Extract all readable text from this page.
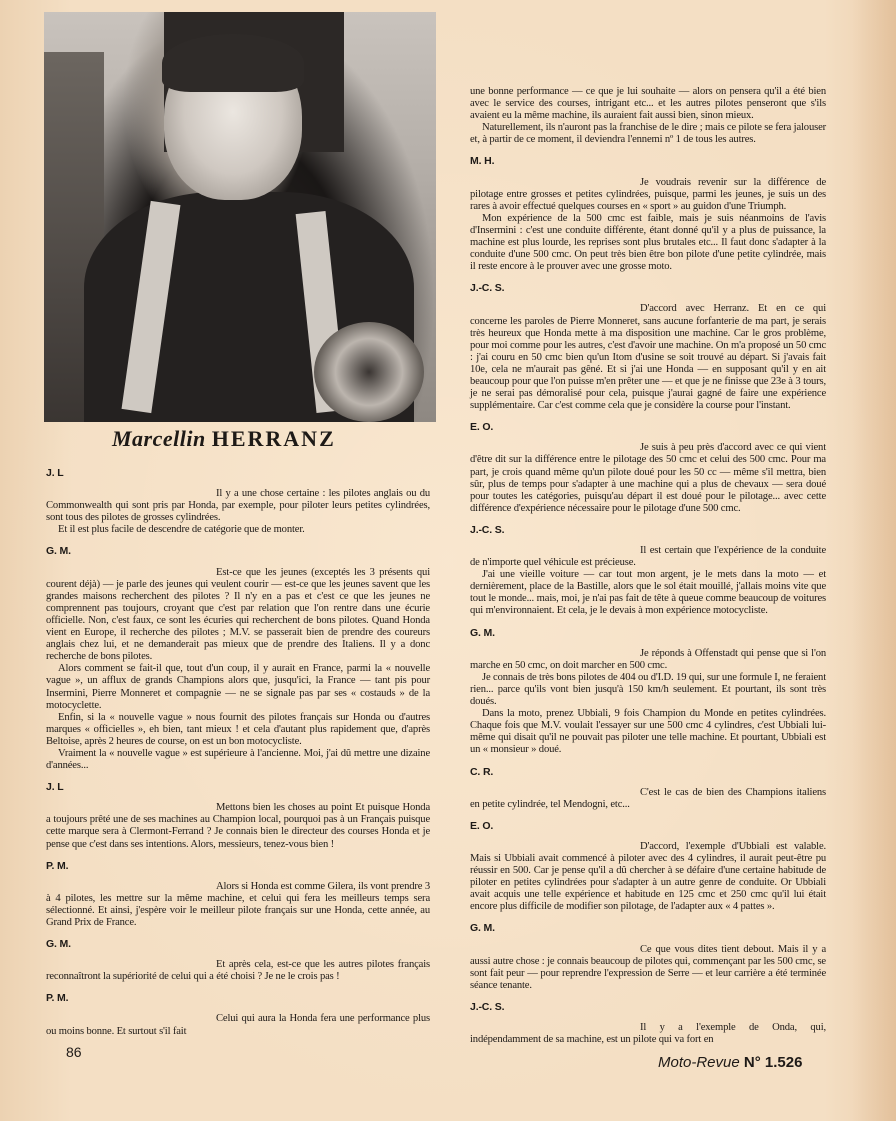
Marcellin HERRANZ
J. L

Il y a une chose certaine : les pilotes anglais ou du Commonwealth qui sont pris par Honda, par exemple, pour piloter leurs petites cylindrées, sont tous des pilotes de grosses cylindrées.

Et il est plus facile de descendre de catégorie que de monter.

G. M.

Est-ce que les jeunes (exceptés les 3 présents qui courent déjà) — je parle des jeunes qui veulent courir — est-ce que les jeunes savent que les grandes maisons recherchent des pilotes ? Il n'y en a pas et c'est ce que les jeunes ne comprennent pas toujours, croyant que c'est par relation que l'on rentre dans une écurie officielle. Non, c'est faux, ce sont les écuries qui recherchent de bons pilotes. Quand Honda vient en Europe, il recherche des pilotes ; M.V. se passerait bien de prendre des coureurs anglais chez lui, et ne demanderait pas mieux que de prendre des Italiens. Il y a donc recherche de bons pilotes.

Alors comment se fait-il que, tout d'un coup, il y aurait en France, parmi la « nouvelle vague », un afflux de grands Champions alors que, jusqu'ici, la France — tant pis pour Insermini, Pierre Monneret et compagnie — ne se signale pas par ses « costauds » de la motocyclette.

Enfin, si la « nouvelle vague » nous fournit des pilotes français sur Honda ou d'autres marques « officielles », eh bien, tant mieux ! et cela d'autant plus rapidement que, d'après Beltoise, après 2 heures de course, on est un bon motocycliste.

Vraiment la « nouvelle vague » est supérieure à l'ancienne. Moi, j'ai dû mettre une dizaine d'années...

J. L

Mettons bien les choses au point Et puisque Honda a toujours prêté une de ses machines au Champion local, pourquoi pas à un Français puisque cette marque sera à Clermont-Ferrand ? Je connais bien le directeur des courses Honda et je pense que c'est dans ses intentions. Alors, messieurs, tenez-vous bien !

P. M.

Alors si Honda est comme Gilera, ils vont prendre 3 à 4 pilotes, les mettre sur la même machine, et celui qui fera les meilleurs temps sera sélectionné. Et ainsi, j'espère voir le meilleur pilote français sur une Honda, cette année, au Grand Prix de France.

G. M.

Et après cela, est-ce que les autres pilotes français reconnaîtront la supériorité de celui qui a été choisi ? Je ne le crois pas !

P. M.

Celui qui aura la Honda fera une performance plus ou moins bonne. Et surtout s'il fait

une bonne performance — ce que je lui souhaite — alors on pensera qu'il a été bien avec le service des courses, intrigant etc... et les autres pilotes penseront que s'ils avaient eu la même machine, ils auraient fait aussi bien, sinon mieux.

Naturellement, ils n'auront pas la franchise de le dire ; mais ce pilote se fera jalouser et, à partir de ce moment, il deviendra l'ennemi nº 1 de tous les autres.

M. H.

Je voudrais revenir sur la différence de pilotage entre grosses et petites cylindrées, puisque, parmi les jeunes, je suis un des rares à avoir effectué quelques courses en « sport » au guidon d'une Triumph.

Mon expérience de la 500 cmc est faible, mais je suis néanmoins de l'avis d'Insermini : c'est une conduite différente, étant donné qu'il y a plus de puissance, la machine est plus lourde, les reprises sont plus brutales etc... Il faut donc s'adapter à la conduite d'une 500 cmc. On peut très bien être bon pilote d'une petite cylindrée, mais il reste encore à le prouver avec une grosse moto.

J.-C. S.

D'accord avec Herranz. Et en ce qui concerne les paroles de Pierre Monneret, sans aucune forfanterie de ma part, je serais très heureux que Honda mette à ma disposition une machine. Car le gros problème, pour moi comme pour les autres, c'est d'avoir une machine. On m'a proposé un 50 cmc : j'ai couru en 50 cmc bien qu'un Itom d'usine se soit trouvé au départ. Si j'avais fait 10e, cela ne m'aurait pas gêné. Et si j'ai une Honda — en supposant qu'il y en ait beaucoup pour que l'on puisse m'en prêter une — et que je ne finisse que 23e à 3 tours, je ne serai pas démoralisé pour cela, puisque j'aurai gagné de faire une expérience supplémentaire. Car c'est comme cela que je considère la course pour l'instant.

E. O.

Je suis à peu près d'accord avec ce qui vient d'être dit sur la différence entre le pilotage des 50 cmc et celui des 500 cmc. Pour ma part, je crois quand même qu'un pilote doué pour les 50 cc — même s'il mettra, bien sûr, plus de temps pour s'adapter à une machine qui a plus de chevaux — sera doué pour toutes les catégories, puisqu'au départ il est doué pour le pilotage... avec cette différence d'expérience nécessaire pour le pilotage d'une 500 cmc.

J.-C. S.

Il est certain que l'expérience de la conduite de n'importe quel véhicule est précieuse.

J'ai une vieille voiture — car tout mon argent, je le mets dans la moto — et dernièrement, place de la Bastille, alors que le sol était mouillé, j'allais moins vite que tout le monde... mais, moi, je n'ai pas fait de tête à queue comme beaucoup de voitures qui m'environnaient. Et cela, je le devais à mon expérience motocycliste.

G. M.

Je réponds à Offenstadt qui pense que si l'on marche en 50 cmc, on doit marcher en 500 cmc.

Je connais de très bons pilotes de 404 ou d'I.D. 19 qui, sur une formule I, ne feraient rien... parce qu'ils vont bien jusqu'à 150 km/h seulement. Et pourtant, ils sont très doués.

Dans la moto, prenez Ubbiali, 9 fois Champion du Monde en petites cylindrées. Chaque fois que M.V. voulait l'essayer sur une 500 cmc 4 cylindres, c'est Ubbiali lui-même qui disait qu'il ne pouvait pas piloter une telle machine. Et pourtant, Ubbiali est un « monsieur » doué.

C. R.

C'est le cas de bien des Champions italiens en petite cylindrée, tel Mendogni, etc...

E. O.

D'accord, l'exemple d'Ubbiali est valable. Mais si Ubbiali avait commencé à piloter avec des 4 cylindres, il aurait peut-être pu réussir en 500. Car je pense qu'il a dû chercher à se défaire d'une certaine habitude de piloter en petites cylindrées pour s'adapter à un autre genre de conduite. Or Ubbiali avait acquis une telle expérience et habitude en 125 cmc et 250 cmc qu'il lui était encore plus difficile de modifier son pilotage, de l'adapter aux « 4 pattes ».

G. M.

Ce que vous dites tient debout. Mais il y a aussi autre chose : je connais beaucoup de pilotes qui, commençant par les 500 cmc, se sont fait peur — pour reprendre l'expression de Serre — et leur carrière a été terminée séance tenante.

J.-C. S.

Il y a l'exemple de Onda, qui, indépendamment de sa machine, est un pilote qui va fort en

86
Moto-Revue N° 1.526
